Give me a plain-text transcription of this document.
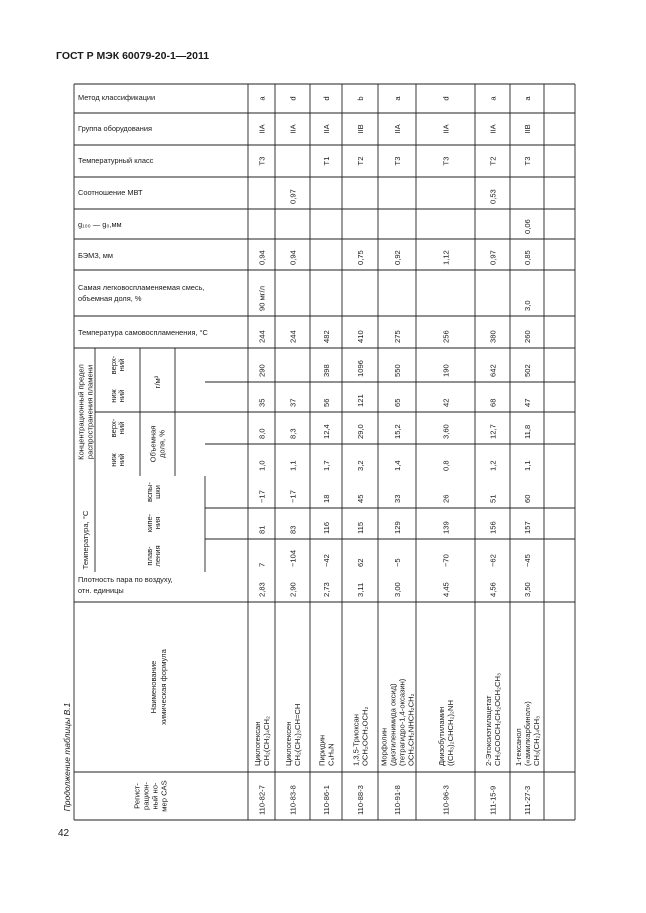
ГОСТ Р МЭК 60079-20-1—2011
42
Продолжение таблицы В.1
Метод классификации
Группа оборудования
Температурный класс
Соотношение МВТ
g₁₀₀ — g₀,мм
БЭМЗ, мм
Самая легковоспламеняемая смесь,
объемная доля, %
Температура самовоспламенения, °С
Плотность пара по воздуху,
отн. единицы
Концентрационный предел распространения пламени	Объемная доля, %
г/м³
верх- ний
ниж ний
верх- ний
ниж ний
Температура, °С
вспы- шки
кипе- ния
плав- ления
Наименование химическая формула
Регист- рацион- ный но- мер CAS
a
IIA
T3
0,94
90 мг/л
244
290
35
8,0
1,0
−17
81
7
2,83
Циклогексан CH₂(CH₂)₄CH₂
110-82-7
d
IIA
0,97
0,94
244
37
8,3
1,1
−17
83
−104
2,90
Циклогексен CH₂(CH₂)₃CH=CH
110-83-8
d
IIA
T1
482
398
56
12,4
1,7
18
116
−42
2,73
Пиридин C₅H₅N
110-86-1
b
IIB
T2
0,75
410
1096
121
29,0
3,2
45
115
62
3,11
1,3,5-Триоксан OCH₂OCH₂OCH₂
110-88-3
a
IIA
T3
0,92
275
550
65
15,2
1,4
33
129
−5
3,00
Морфолин (диэтиленимида оксид) (тетрагидро-1,4-оксазин) OCH₂CH₂NHCH₂CH₂
110-91-8
d
IIA
T3
1,12
256
190
42
3,60
0,8
26
139
−70
4,45
Диизобутиламин ((CH₃)₂CHCH₂)₂NH
110-96-3
a
IIA
T2
0,53
0,97
380
642
68
12,7
1,2
51
156
−62
4,56
2-Этоксиэтилацетат CH₃COOCH₂CH₂OCH₂CH₃
111-15-9
a
IIB
T3
0,06
0,85
3,0
260
502
47
11,8
1,1
60
157
−45
3,50
1-гексанол («амилкарбинол») CH₃(CH₂)₄CH₃
111-27-3
